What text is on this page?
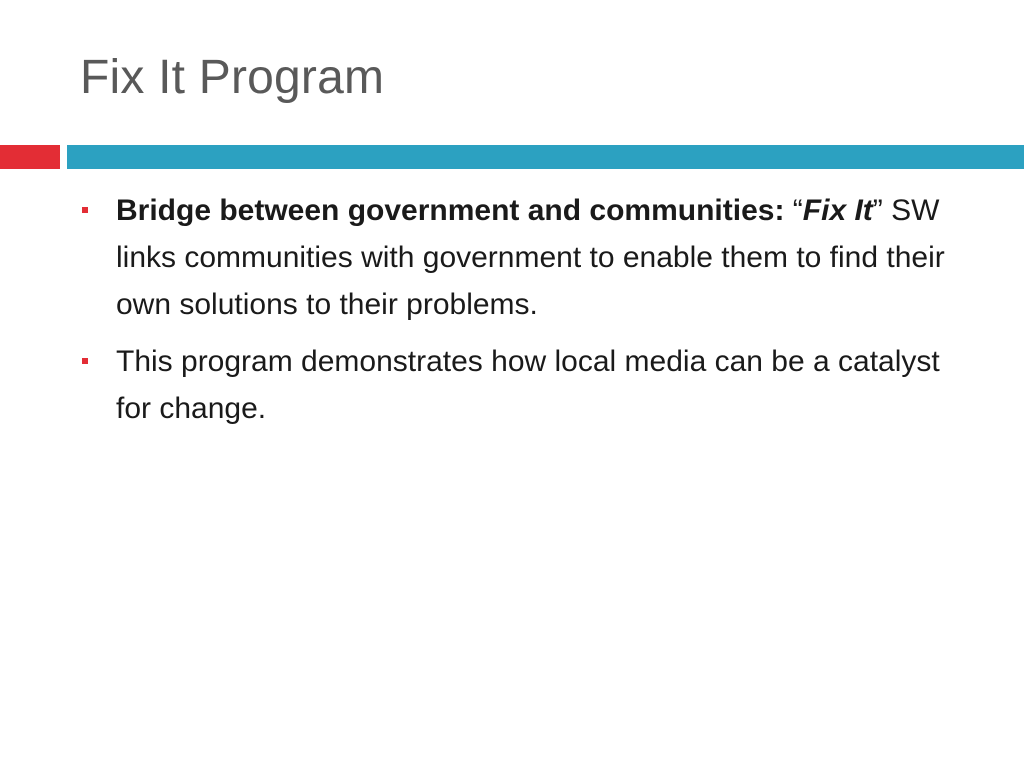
Fix It Program
Bridge between government and communities: “Fix It” SW links communities with government to enable them to find their own solutions to their problems.
This program demonstrates how local media can be a catalyst for change.
